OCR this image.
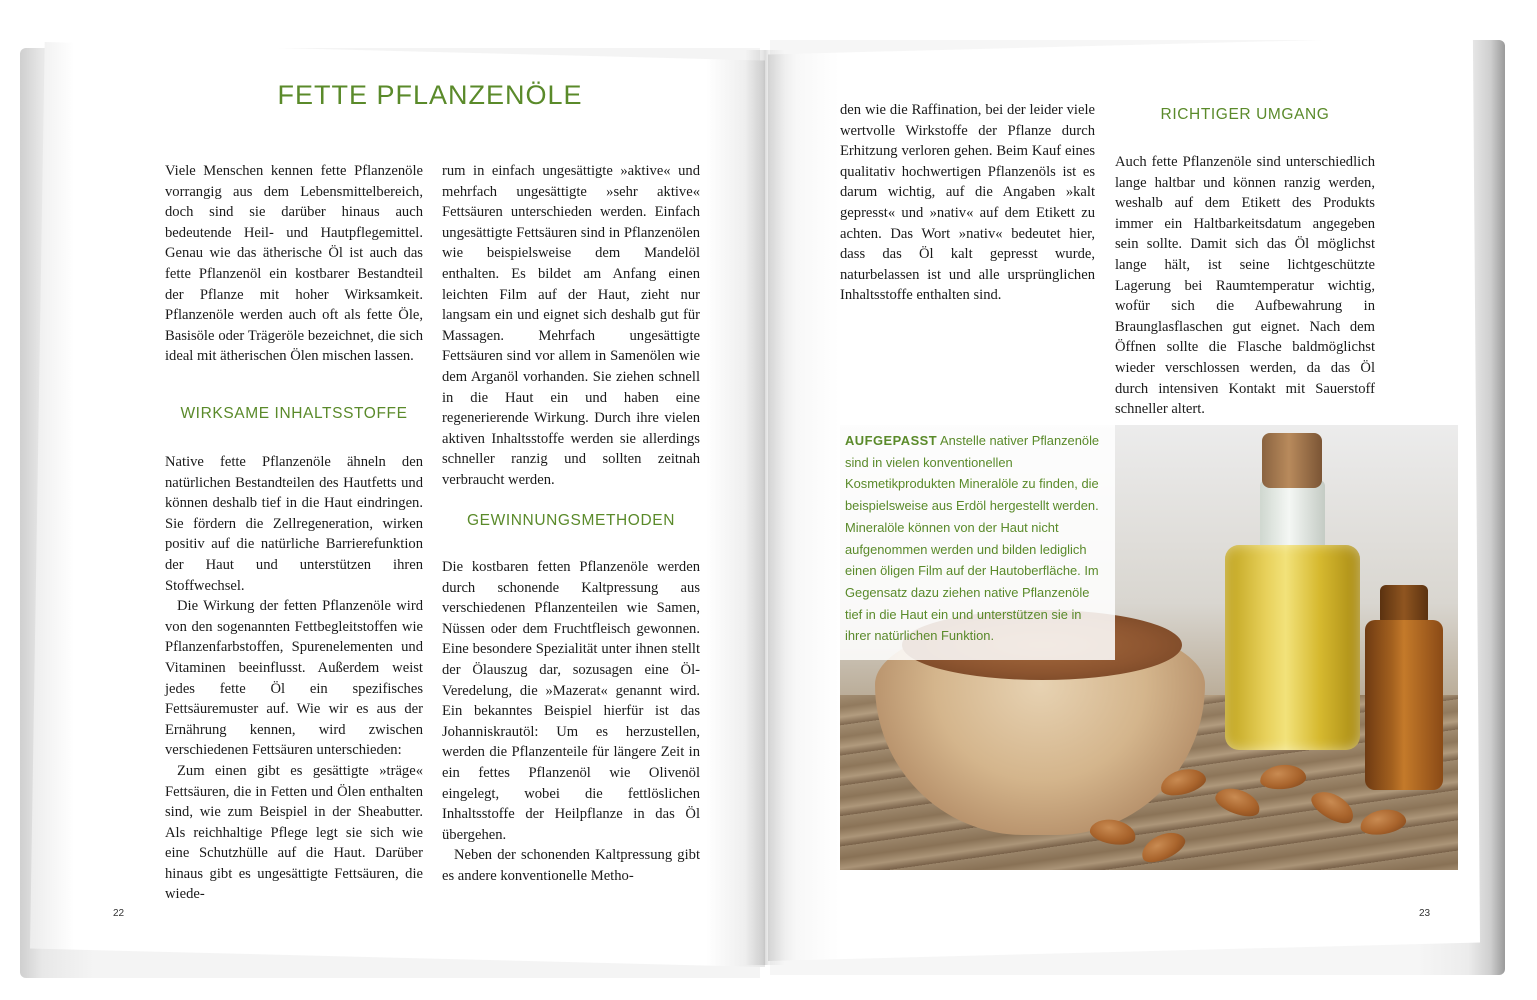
FETTE PFLANZENÖLE

Viele Menschen kennen fette Pflanzenöle vorrangig aus dem Lebensmittelbereich, doch sind sie darüber hinaus auch bedeutende Heil- und Hautpflegemittel. Genau wie das ätherische Öl ist auch das fette Pflanzenöl ein kostbarer Bestandteil der Pflanze mit hoher Wirksamkeit. Pflanzenöle werden auch oft als fette Öle, Basisöle oder Trägeröle bezeichnet, die sich ideal mit ätherischen Ölen mischen lassen.

WIRKSAME INHALTSSTOFFE

Native fette Pflanzenöle ähneln den natürlichen Bestandteilen des Hautfetts und können deshalb tief in die Haut eindringen. Sie fördern die Zellregeneration, wirken positiv auf die natürliche Barrierefunktion der Haut und unterstützen ihren Stoffwechsel.

Die Wirkung der fetten Pflanzenöle wird von den sogenannten Fettbegleitstoffen wie Pflanzenfarbstoffen, Spurenelementen und Vitaminen beeinflusst. Außerdem weist jedes fette Öl ein spezifisches Fettsäuremuster auf. Wie wir es aus der Ernährung kennen, wird zwischen verschiedenen Fettsäuren unterschieden:

Zum einen gibt es gesättigte »träge« Fettsäuren, die in Fetten und Ölen enthalten sind, wie zum Beispiel in der Sheabutter. Als reichhaltige Pflege legt sie sich wie eine Schutzhülle auf die Haut. Darüber hinaus gibt es ungesättigte Fettsäuren, die wiede-

rum in einfach ungesättigte »aktive« und mehrfach ungesättigte »sehr aktive« Fettsäuren unterschieden werden. Einfach ungesättigte Fettsäuren sind in Pflanzenölen wie beispielsweise dem Mandelöl enthalten. Es bildet am Anfang einen leichten Film auf der Haut, zieht nur langsam ein und eignet sich deshalb gut für Massagen. Mehrfach ungesättigte Fettsäuren sind vor allem in Samenölen wie dem Arganöl vorhanden. Sie ziehen schnell in die Haut ein und haben eine regenerierende Wirkung. Durch ihre vielen aktiven Inhaltsstoffe werden sie allerdings schneller ranzig und sollten zeitnah verbraucht werden.

GEWINNUNGSMETHODEN

Die kostbaren fetten Pflanzenöle werden durch schonende Kaltpressung aus verschiedenen Pflanzenteilen wie Samen, Nüssen oder dem Fruchtfleisch gewonnen. Eine besondere Spezialität unter ihnen stellt der Ölauszug dar, sozusagen eine Öl-Veredelung, die »Mazerat« genannt wird. Ein bekanntes Beispiel hierfür ist das Johanniskrautöl: Um es herzustellen, werden die Pflanzenteile für längere Zeit in ein fettes Pflanzenöl wie Olivenöl eingelegt, wobei die fettlöslichen Inhaltsstoffe der Heilpflanze in das Öl übergehen.

Neben der schonenden Kaltpressung gibt es andere konventionelle Metho-

22

den wie die Raffination, bei der leider viele wertvolle Wirkstoffe der Pflanze durch Erhitzung verloren gehen. Beim Kauf eines qualitativ hochwertigen Pflanzenöls ist es darum wichtig, auf die Angaben »kalt gepresst« und »nativ« auf dem Etikett zu achten. Das Wort »nativ« bedeutet hier, dass das Öl kalt gepresst wurde, naturbelassen ist und alle ursprünglichen Inhaltsstoffe enthalten sind.

RICHTIGER UMGANG

Auch fette Pflanzenöle sind unterschiedlich lange haltbar und können ranzig werden, weshalb auf dem Etikett des Produkts immer ein Haltbarkeitsdatum angegeben sein sollte. Damit sich das Öl möglichst lange hält, ist seine lichtgeschützte Lagerung bei Raumtemperatur wichtig, wofür sich die Aufbewahrung in Braunglasflaschen gut eignet. Nach dem Öffnen sollte die Flasche baldmöglichst wieder verschlossen werden, da das Öl durch intensiven Kontakt mit Sauerstoff schneller altert.

AUFGEPASST Anstelle nativer Pflanzenöle sind in vielen konventionellen Kosmetikprodukten Mineralöle zu finden, die beispielsweise aus Erdöl hergestellt werden. Mineralöle können von der Haut nicht aufgenommen werden und bilden lediglich einen öligen Film auf der Hautoberfläche. Im Gegensatz dazu ziehen native Pflanzenöle tief in die Haut ein und unterstützen sie in ihrer natürlichen Funktion.
23
